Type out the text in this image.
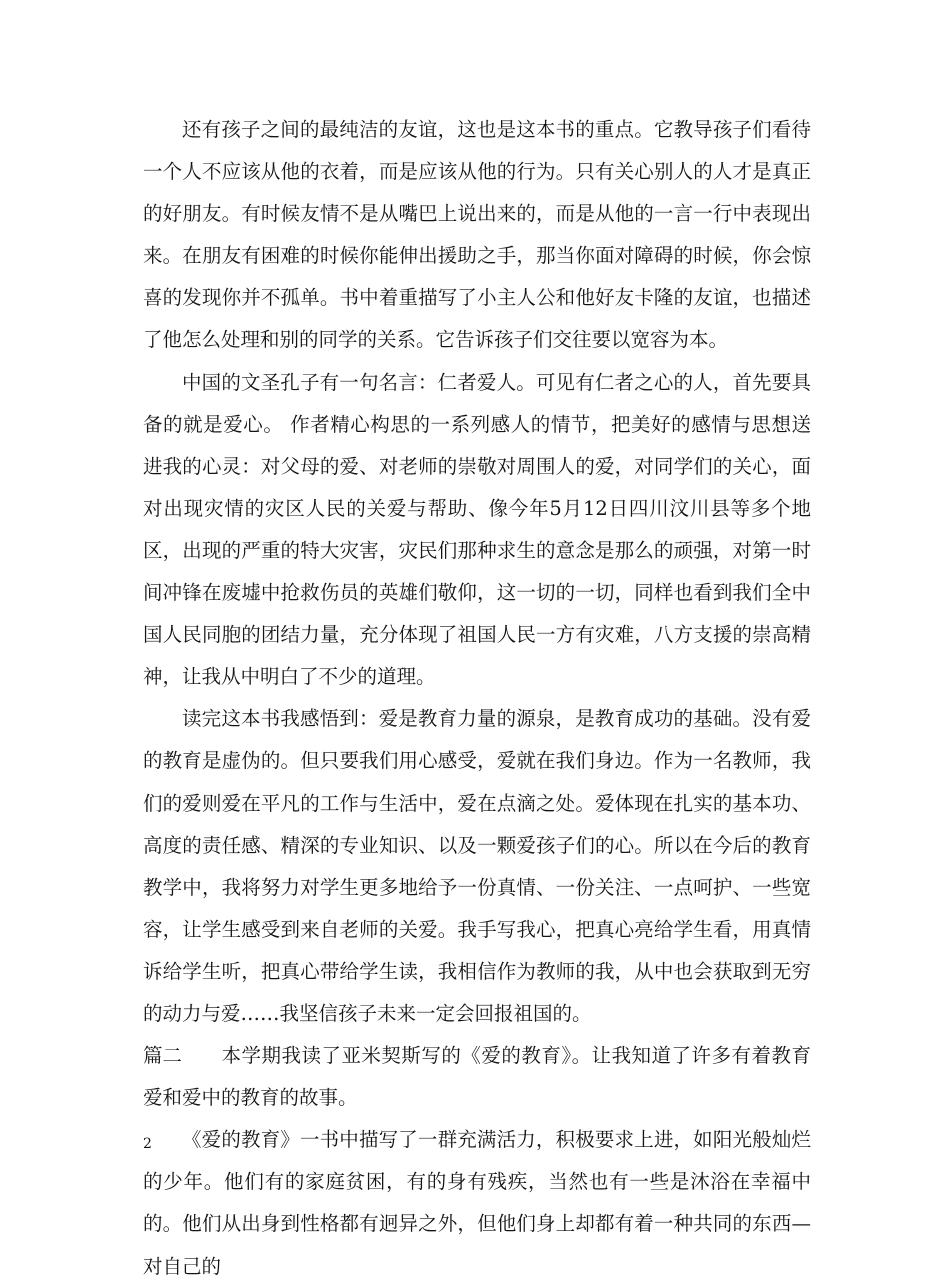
还有孩子之间的最纯洁的友谊，这也是这本书的重点。它教导孩子们看待一个人不应该从他的衣着，而是应该从他的行为。只有关心别人的人才是真正的好朋友。有时候友情不是从嘴巴上说出来的，而是从他的一言一行中表现出来。在朋友有困难的时候你能伸出援助之手，那当你面对障碍的时候，你会惊喜的发现你并不孤单。书中着重描写了小主人公和他好友卡隆的友谊，也描述了他怎么处理和别的同学的关系。它告诉孩子们交往要以宽容为本。

中国的文圣孔子有一句名言：仁者爱人。可见有仁者之心的人，首先要具备的就是爱心。 作者精心构思的一系列感人的情节，把美好的感情与思想送进我的心灵：对父母的爱、对老师的崇敬对周围人的爱，对同学们的关心，面对出现灾情的灾区人民的关爱与帮助、像今年5月12日四川汶川县等多个地区，出现的严重的特大灾害，灾民们那种求生的意念是那么的顽强，对第一时间冲锋在废墟中抢救伤员的英雄们敬仰，这一切的一切，同样也看到我们全中国人民同胞的团结力量，充分体现了祖国人民一方有灾难，八方支援的崇高精神，让我从中明白了不少的道理。

读完这本书我感悟到：爱是教育力量的源泉，是教育成功的基础。没有爱的教育是虚伪的。但只要我们用心感受，爱就在我们身边。作为一名教师，我们的爱则爱在平凡的工作与生活中，爱在点滴之处。爱体现在扎实的基本功、高度的责任感、精深的专业知识、以及一颗爱孩子们的心。所以在今后的教育教学中，我将努力对学生更多地给予一份真情、一份关注、一点呵护、一些宽容，让学生感受到来自老师的关爱。我手写我心，把真心亮给学生看，用真情诉给学生听，把真心带给学生读，我相信作为教师的我，从中也会获取到无穷的动力与爱……我坚信孩子未来一定会回报祖国的。

篇二 本学期我读了亚米契斯写的《爱的教育》。让我知道了许多有着教育爱和爱中的教育的故事。

《爱的教育》一书中描写了一群充满活力，积极要求上进，如阳光般灿烂的少年。他们有的家庭贫困，有的身有残疾，当然也有一些是沐浴在幸福中的。他们从出身到性格都有迥异之外，但他们身上却都有着一种共同的东西—对自己的

2
